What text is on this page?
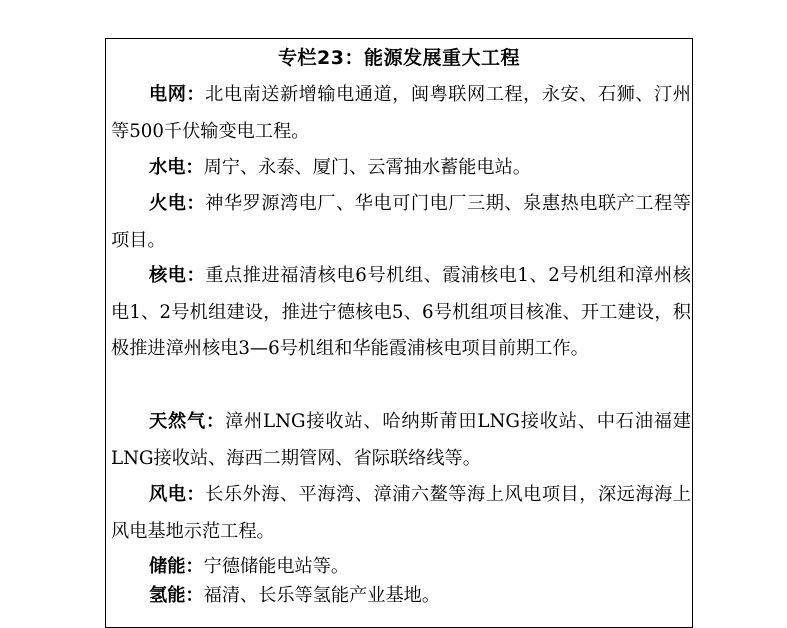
专栏23：能源发展重大工程
电网：北电南送新增输电通道，闽粤联网工程，永安、石狮、汀州等500千伏输变电工程。
水电：周宁、永泰、厦门、云霄抽水蓄能电站。
火电：神华罗源湾电厂、华电可门电厂三期、泉惠热电联产工程等项目。
核电：重点推进福清核电6号机组、霞浦核电1、2号机组和漳州核电1、2号机组建设，推进宁德核电5、6号机组项目核准、开工建设，积极推进漳州核电3—6号机组和华能霞浦核电项目前期工作。
天然气：漳州LNG接收站、哈纳斯莆田LNG接收站、中石油福建LNG接收站、海西二期管网、省际联络线等。
风电：长乐外海、平海湾、漳浦六鳌等海上风电项目，深远海海上风电基地示范工程。
储能：宁德储能电站等。
氢能：福清、长乐等氢能产业基地。
